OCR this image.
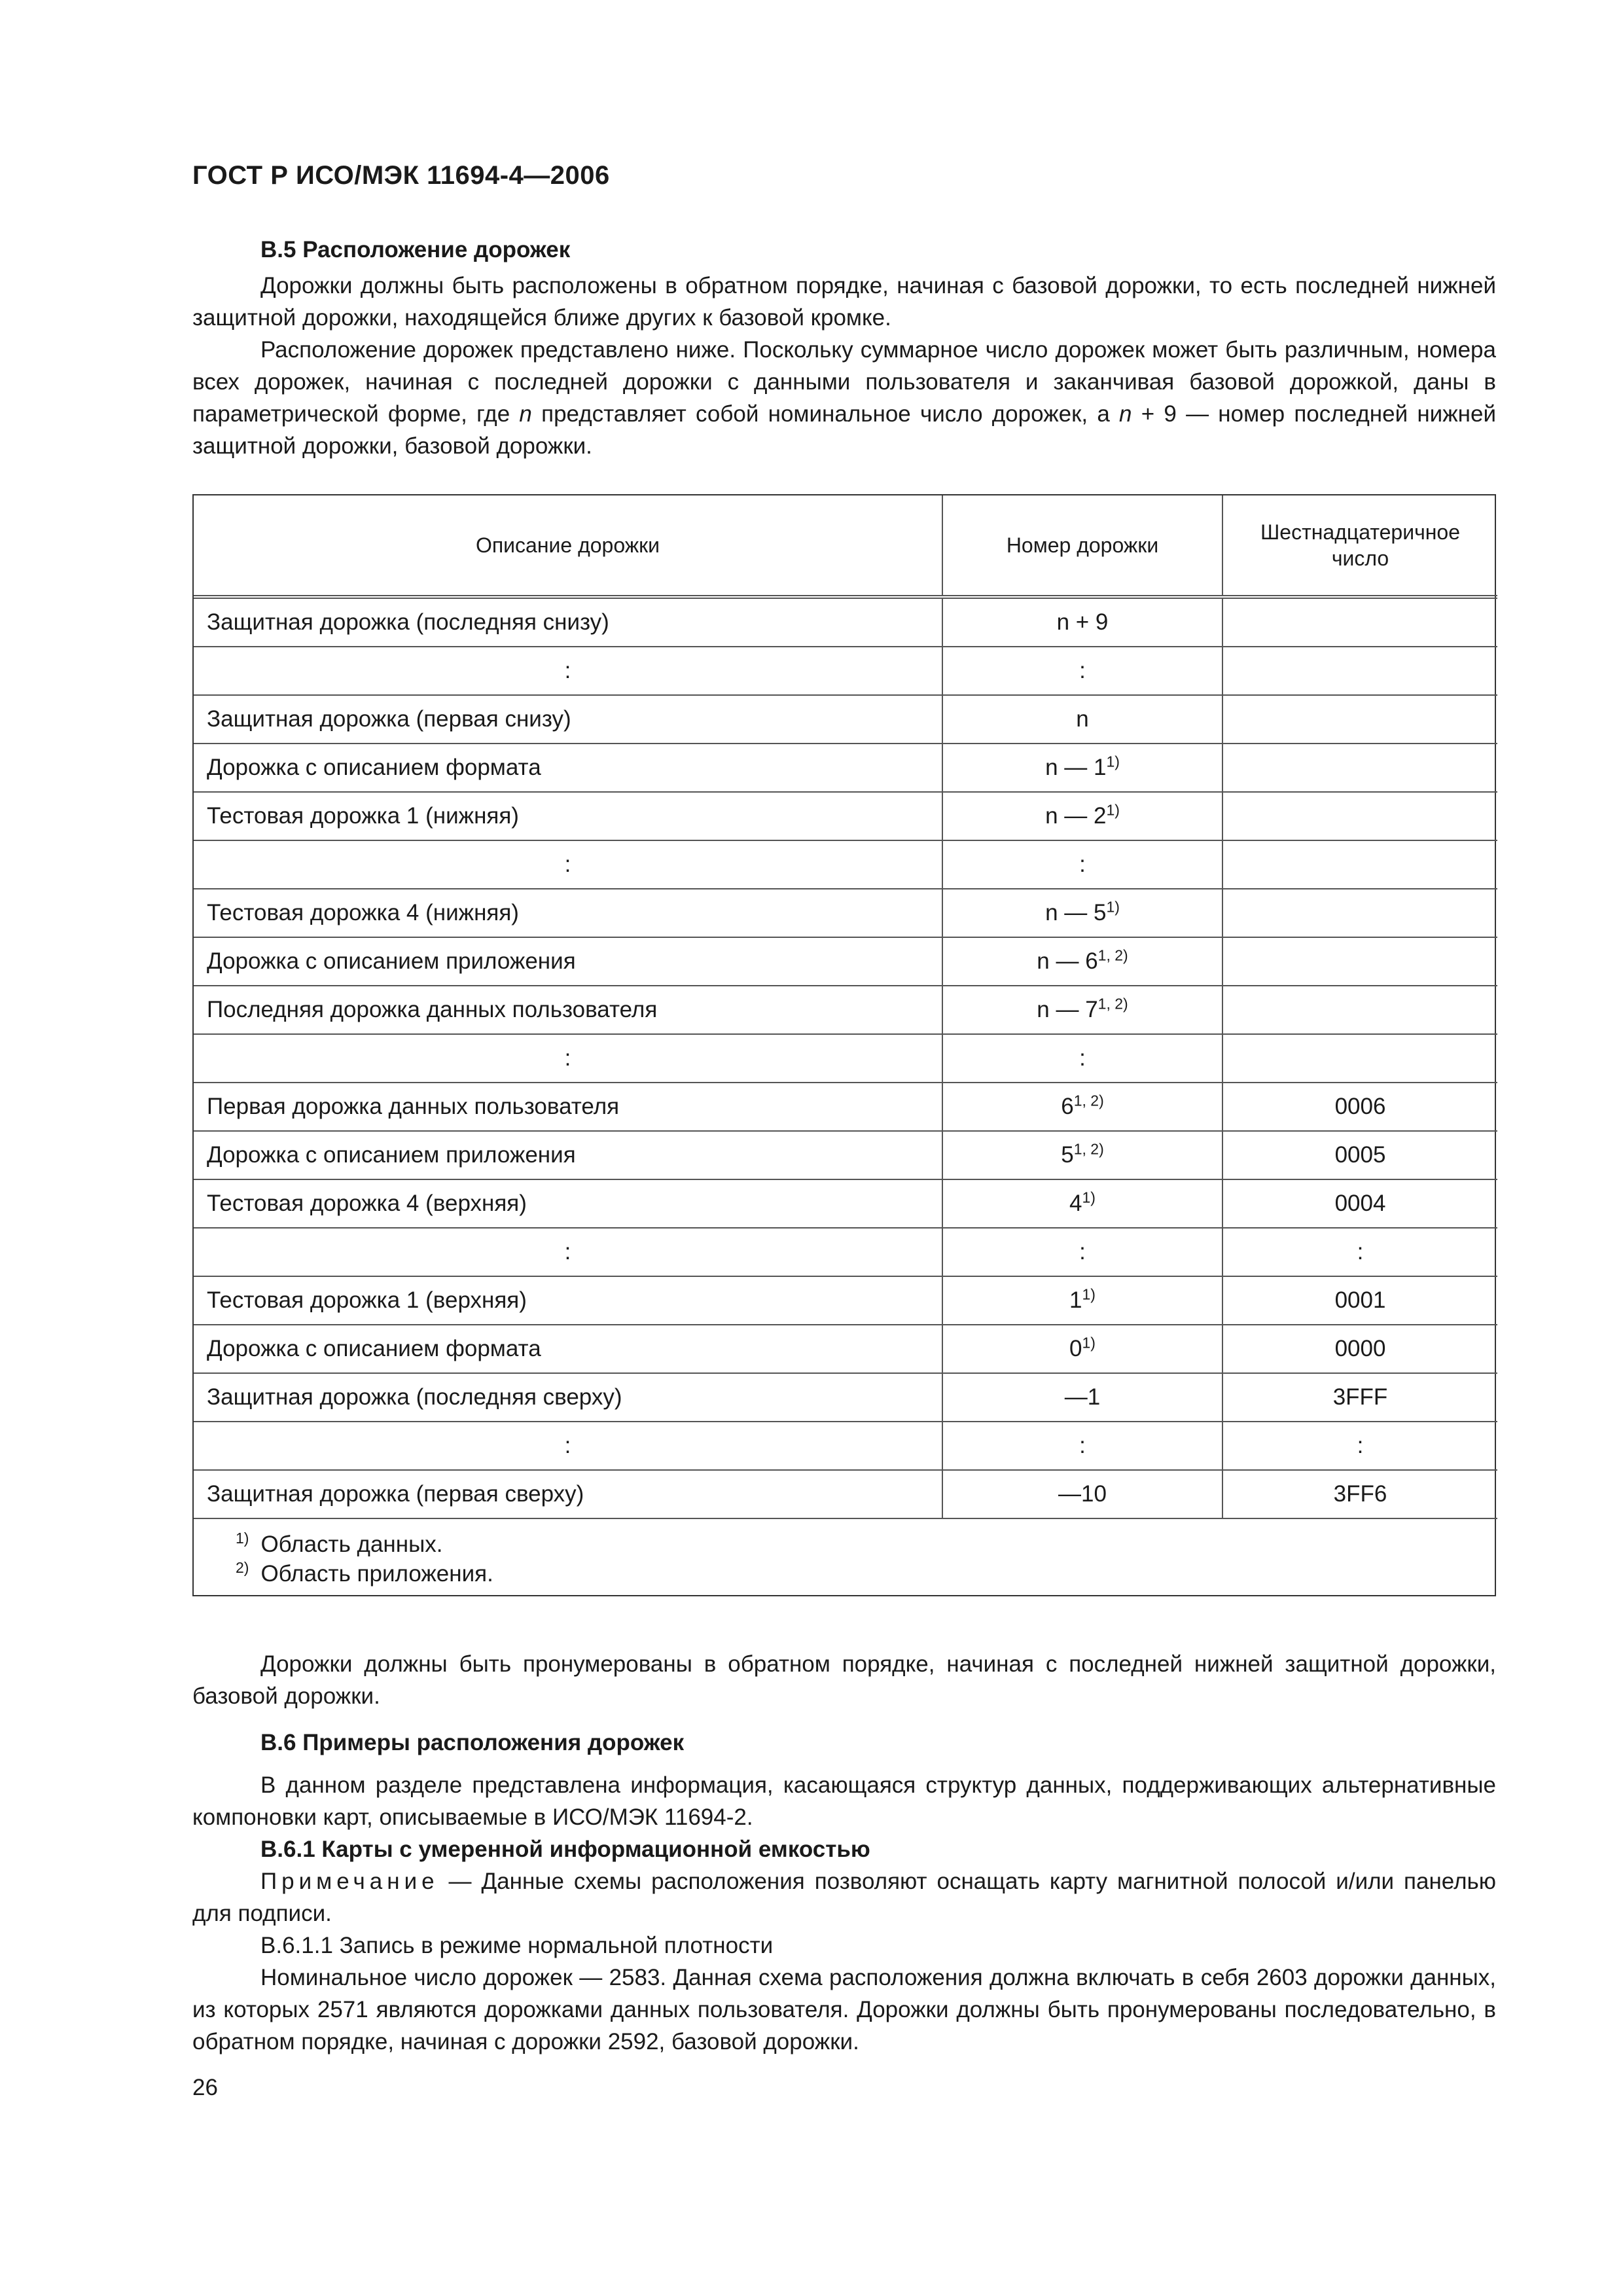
ГОСТ Р ИСО/МЭК 11694-4—2006

B.5 Расположение дорожек

Дорожки должны быть расположены в обратном порядке, начиная с базовой дорожки, то есть последней нижней защитной дорожки, находящейся ближе других к базовой кромке.

Расположение дорожек представлено ниже. Поскольку суммарное число дорожек может быть различным, номера всех дорожек, начиная с последней дорожки с данными пользователя и заканчивая базовой дорожкой, даны в параметрической форме, где n представляет собой номинальное число дорожек, а n + 9 — номер последней нижней защитной дорожки, базовой дорожки.

Описание дорожки	Номер дорожки	Шестнадцатеричное число
Защитная дорожка (последняя снизу)	n + 9	
:	:	
Защитная дорожка (первая снизу)	n	
Дорожка с описанием формата	n — 1$^{1)}$	
Тестовая дорожка 1 (нижняя)	n — 2$^{1)}$	
:	:	
Тестовая дорожка 4 (нижняя)	n — 5$^{1)}$	
Дорожка с описанием приложения	n — 6$^{1, 2)}$	
Последняя дорожка данных пользователя	n — 7$^{1, 2)}$	
:	:	
Первая дорожка данных пользователя	6$^{1, 2)}$	0006
Дорожка с описанием приложения	5$^{1, 2)}$	0005
Тестовая дорожка 4 (верхняя)	4$^{1)}$	0004
:	:	:
Тестовая дорожка 1 (верхняя)	1$^{1)}$	0001
Дорожка с описанием формата	0$^{1)}$	0000
Защитная дорожка (последняя сверху)	—1	3FFF
:	:	:
Защитная дорожка (первая сверху)	—10	3FF6

$^{1)}$ Область данных.
$^{2)}$ Область приложения.		

Дорожки должны быть пронумерованы в обратном порядке, начиная с последней нижней защитной дорожки, базовой дорожки.

B.6 Примеры расположения дорожек

В данном разделе представлена информация, касающаяся структур данных, поддерживающих альтернативные компоновки карт, описываемые в ИСО/МЭК 11694-2.

B.6.1 Карты с умеренной информационной емкостью

Примечание — Данные схемы расположения позволяют оснащать карту магнитной полосой и/или панелью для подписи.

B.6.1.1 Запись в режиме нормальной плотности

Номинальное число дорожек — 2583. Данная схема расположения должна включать в себя 2603 дорожки данных, из которых 2571 являются дорожками данных пользователя. Дорожки должны быть пронумерованы последовательно, в обратном порядке, начиная с дорожки 2592, базовой дорожки.

26
